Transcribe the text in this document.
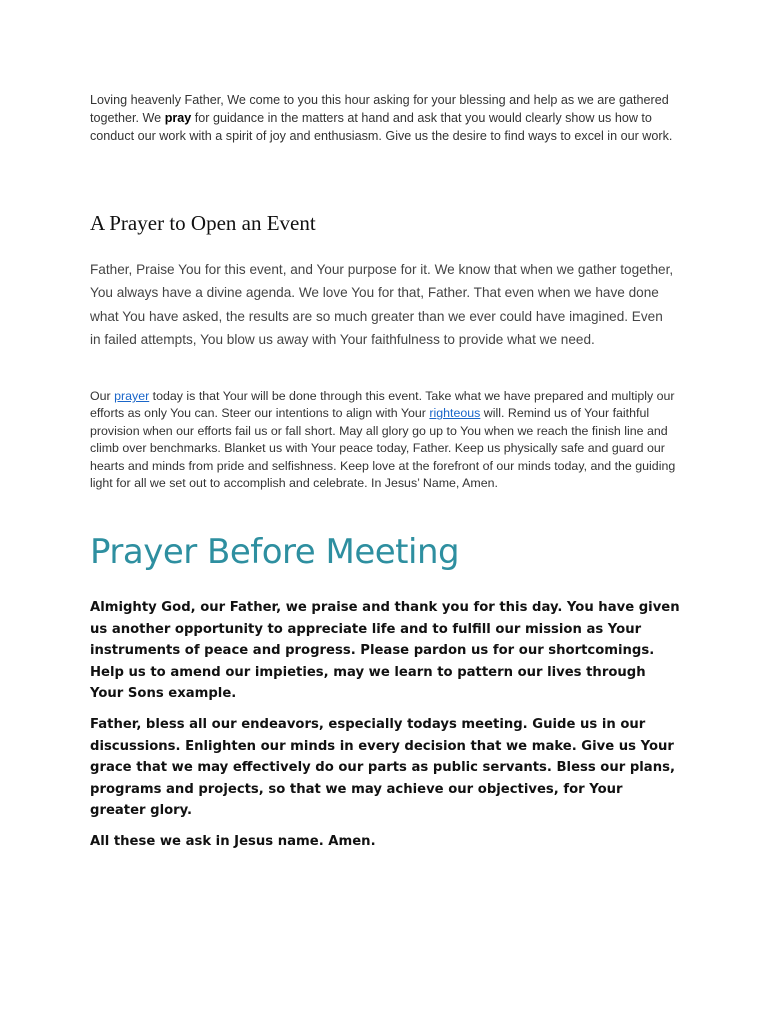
Loving heavenly Father, We come to you this hour asking for your blessing and help as we are gathered together. We pray for guidance in the matters at hand and ask that you would clearly show us how to conduct our work with a spirit of joy and enthusiasm. Give us the desire to find ways to excel in our work.

A Prayer to Open an Event

Father, Praise You for this event, and Your purpose for it. We know that when we gather together, You always have a divine agenda. We love You for that, Father. That even when we have done what You have asked, the results are so much greater than we ever could have imagined. Even in failed attempts, You blow us away with Your faithfulness to provide what we need.

Our prayer today is that Your will be done through this event. Take what we have prepared and multiply our efforts as only You can. Steer our intentions to align with Your righteous will. Remind us of Your faithful provision when our efforts fail us or fall short. May all glory go up to You when we reach the finish line and climb over benchmarks. Blanket us with Your peace today, Father. Keep us physically safe and guard our hearts and minds from pride and selfishness. Keep love at the forefront of our minds today, and the guiding light for all we set out to accomplish and celebrate. In Jesus’ Name, Amen.

Prayer Before Meeting

Almighty God, our Father, we praise and thank you for this day. You have given us another opportunity to appreciate life and to fulfill our mission as Your instruments of peace and progress. Please pardon us for our shortcomings. Help us to amend our impieties, may we learn to pattern our lives through Your Sons example.

Father, bless all our endeavors, especially todays meeting. Guide us in our discussions. Enlighten our minds in every decision that we make. Give us Your grace that we may effectively do our parts as public servants. Bless our plans, programs and projects, so that we may achieve our objectives, for Your greater glory.

All these we ask in Jesus name. Amen.
